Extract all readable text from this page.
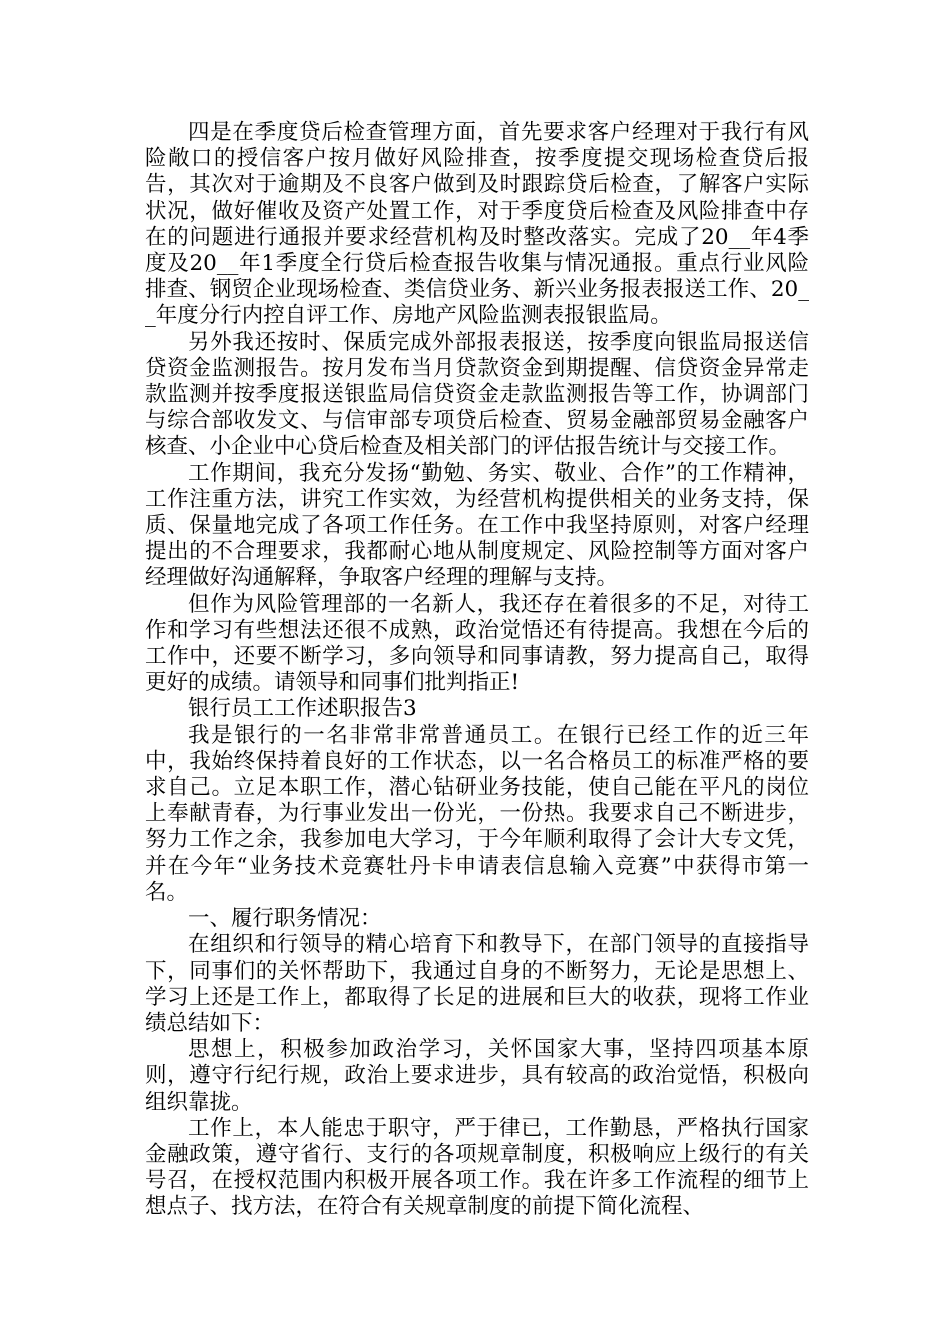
四是在季度贷后检查管理方面，首先要求客户经理对于我行有风险敞口的授信客户按月做好风险排查，按季度提交现场检查贷后报告，其次对于逾期及不良客户做到及时跟踪贷后检查，了解客户实际状况，做好催收及资产处置工作，对于季度贷后检查及风险排查中存在的问题进行通报并要求经营机构及时整改落实。完成了20__年4季度及20__年1季度全行贷后检查报告收集与情况通报。重点行业风险排查、钢贸企业现场检查、类信贷业务、新兴业务报表报送工作、20__年度分行内控自评工作、房地产风险监测表报银监局。

另外我还按时、保质完成外部报表报送，按季度向银监局报送信贷资金监测报告。按月发布当月贷款资金到期提醒、信贷资金异常走款监测并按季度报送银监局信贷资金走款监测报告等工作，协调部门与综合部收发文、与信审部专项贷后检查、贸易金融部贸易金融客户核查、小企业中心贷后检查及相关部门的评估报告统计与交接工作。

工作期间，我充分发扬“勤勉、务实、敬业、合作”的工作精神，工作注重方法，讲究工作实效，为经营机构提供相关的业务支持，保质、保量地完成了各项工作任务。在工作中我坚持原则，对客户经理提出的不合理要求，我都耐心地从制度规定、风险控制等方面对客户经理做好沟通解释，争取客户经理的理解与支持。

但作为风险管理部的一名新人，我还存在着很多的不足，对待工作和学习有些想法还很不成熟，政治觉悟还有待提高。我想在今后的工作中，还要不断学习，多向领导和同事请教，努力提高自己，取得更好的成绩。请领导和同事们批判指正!

银行员工工作述职报告3

我是银行的一名非常非常普通员工。在银行已经工作的近三年中，我始终保持着良好的工作状态，以一名合格员工的标准严格的要求自己。立足本职工作，潜心钻研业务技能，使自己能在平凡的岗位上奉献青春，为行事业发出一份光，一份热。我要求自己不断进步，努力工作之余，我参加电大学习，于今年顺利取得了会计大专文凭，并在今年“业务技术竞赛牡丹卡申请表信息输入竞赛”中获得市第一名。

一、履行职务情况：

在组织和行领导的精心培育下和教导下，在部门领导的直接指导下，同事们的关怀帮助下，我通过自身的不断努力，无论是思想上、学习上还是工作上，都取得了长足的进展和巨大的收获，现将工作业绩总结如下：

思想上，积极参加政治学习，关怀国家大事，坚持四项基本原则，遵守行纪行规，政治上要求进步，具有较高的政治觉悟，积极向组织靠拢。

工作上，本人能忠于职守，严于律已，工作勤恳，严格执行国家金融政策，遵守省行、支行的各项规章制度，积极响应上级行的有关号召，在授权范围内积极开展各项工作。我在许多工作流程的细节上想点子、找方法，在符合有关规章制度的前提下简化流程、
